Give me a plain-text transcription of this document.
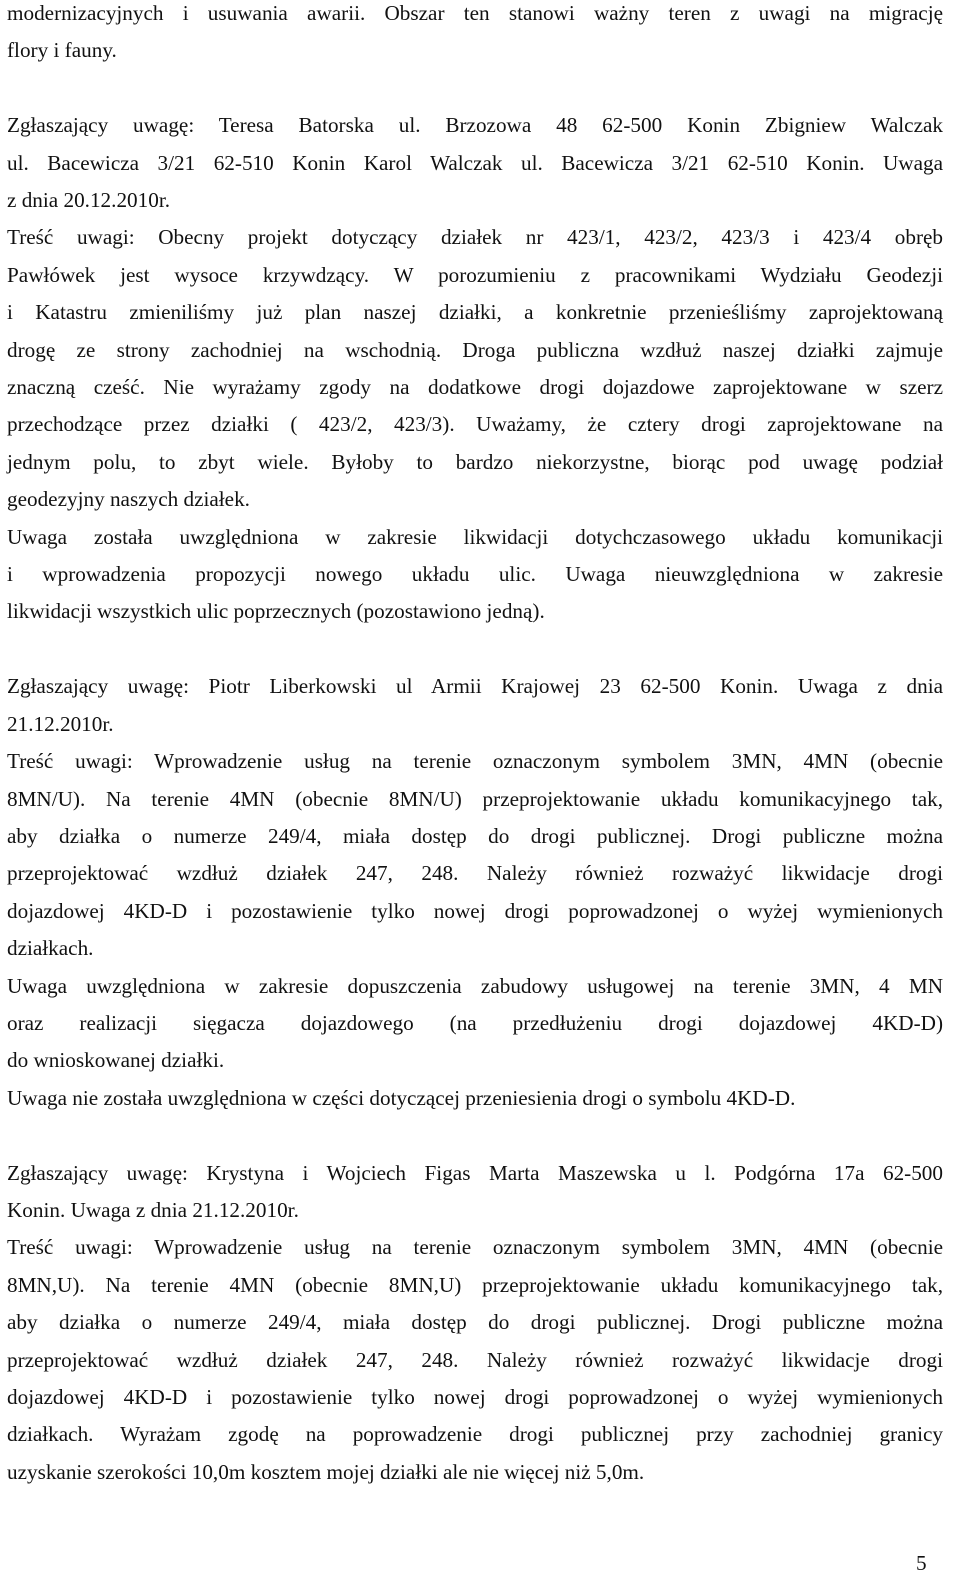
modernizacyjnych i usuwania awarii. Obszar ten stanowi ważny teren z uwagi na migrację
flory i fauny.
Zgłaszający uwagę: Teresa Batorska ul. Brzozowa 48 62-500 Konin Zbigniew Walczak
ul. Bacewicza 3/21 62-510 Konin Karol Walczak ul. Bacewicza 3/21 62-510 Konin. Uwaga
z dnia 20.12.2010r.
Treść uwagi: Obecny projekt dotyczący działek nr 423/1, 423/2, 423/3 i 423/4 obręb
Pawłówek jest wysoce krzywdzący. W porozumieniu z pracownikami Wydziału Geodezji
i Katastru zmieniliśmy już plan naszej działki, a konkretnie przenieśliśmy zaprojektowaną
drogę ze strony zachodniej na wschodnią. Droga publiczna wzdłuż naszej działki zajmuje
znaczną cześć. Nie wyrażamy zgody na dodatkowe drogi dojazdowe zaprojektowane w szerz
przechodzące przez działki ( 423/2, 423/3). Uważamy, że cztery drogi zaprojektowane na
jednym polu, to zbyt wiele. Byłoby to bardzo niekorzystne, biorąc pod uwagę podział
geodezyjny naszych działek.
Uwaga została uwzględniona w zakresie likwidacji dotychczasowego układu komunikacji
i wprowadzenia propozycji nowego układu ulic. Uwaga nieuwzględniona w zakresie
likwidacji wszystkich ulic poprzecznych (pozostawiono jedną).
Zgłaszający uwagę: Piotr Liberkowski ul Armii Krajowej 23 62-500 Konin. Uwaga z dnia
21.12.2010r.
Treść uwagi: Wprowadzenie usług na terenie oznaczonym symbolem 3MN, 4MN (obecnie
8MN/U). Na terenie 4MN (obecnie 8MN/U) przeprojektowanie układu komunikacyjnego tak,
aby działka o numerze 249/4, miała dostęp do drogi publicznej. Drogi publiczne można
przeprojektować wzdłuż działek 247, 248. Należy również rozważyć likwidacje drogi
dojazdowej 4KD-D i pozostawienie tylko nowej drogi poprowadzonej o wyżej wymienionych
działkach.
Uwaga uwzględniona w zakresie dopuszczenia zabudowy usługowej na terenie 3MN, 4 MN
oraz realizacji sięgacza dojazdowego (na przedłużeniu drogi dojazdowej 4KD-D)
do wnioskowanej działki.
Uwaga nie została uwzględniona w części dotyczącej przeniesienia drogi o symbolu 4KD-D.
Zgłaszający uwagę: Krystyna i Wojciech Figas Marta Maszewska u l. Podgórna 17a 62-500
Konin. Uwaga z dnia 21.12.2010r.
Treść uwagi: Wprowadzenie usług na terenie oznaczonym symbolem 3MN, 4MN (obecnie
8MN,U). Na terenie 4MN (obecnie 8MN,U) przeprojektowanie układu komunikacyjnego tak,
aby działka o numerze 249/4, miała dostęp do drogi publicznej. Drogi publiczne można
przeprojektować wzdłuż działek 247, 248. Należy również rozważyć likwidacje drogi
dojazdowej 4KD-D i pozostawienie tylko nowej drogi poprowadzonej o wyżej wymienionych
działkach. Wyrażam zgodę na poprowadzenie drogi publicznej przy zachodniej granicy
uzyskanie szerokości 10,0m kosztem mojej działki ale nie więcej niż 5,0m.
5
